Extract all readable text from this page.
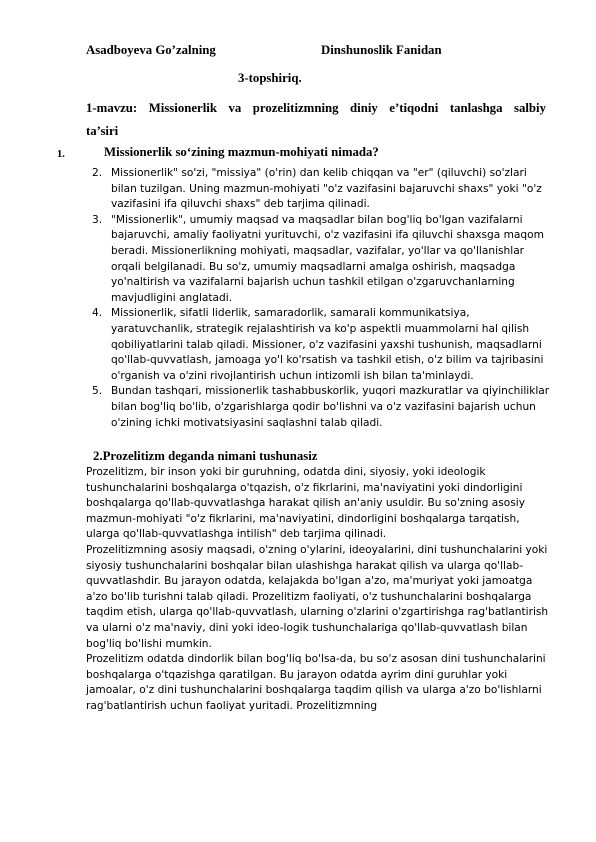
Asadboyeva Go’zalning	Dinshunoslik Fanidan
3-topshiriq.
1-mavzu: Missionerlik va prozelitizmning diniy e’tiqodni tanlashga salbiy
ta’siri
1.	Missionerlik so‘zining mazmun-mohiyati nimada?
2. Missionerlik" so'zi, "missiya" (o'rin) dan kelib chiqqan va "er" (qiluvchi) so'zlari bilan tuzilgan. Uning mazmun-mohiyati "o'z vazifasini bajaruvchi shaxs" yoki "o'z vazifasini ifa qiluvchi shaxs" deb tarjima qilinadi.
3. "Missionerlik", umumiy maqsad va maqsadlar bilan bog'liq bo'lgan vazifalarni bajaruvchi, amaliy faoliyatni yurituvchi, o'z vazifasini ifa qiluvchi shaxsga maqom beradi. Missionerlikning mohiyati, maqsadlar, vazifalar, yo'llar va qo'llanishlar orqali belgilanadi. Bu so'z, umumiy maqsadlarni amalga oshirish, maqsadga yo'naltirish va vazifalarni bajarish uchun tashkil etilgan o'zgaruvchanlarning mavjudligini anglatadi.
4. Missionerlik, sifatli liderlik, samaradorlik, samarali kommunikatsiya, yaratuvchanlik, strategik rejalashtirish va ko'p aspektli muammolarni hal qilish qobiliyatlarini talab qiladi. Missioner, o'z vazifasini yaxshi tushunish, maqsadlarni qo'llab-quvvatlash, jamoaga yo'l ko'rsatish va tashkil etish, o'z bilim va tajribasini o'rganish va o'zini rivojlantirish uchun intizomli ish bilan ta'minlaydi.
5. Bundan tashqari, missionerlik tashabbuskorlik, yuqori mazkuratlar va qiyinchiliklar bilan bog'liq bo'lib, o'zgarishlarga qodir bo'lishni va o'z vazifasini bajarish uchun o'zining ichki motivatsiyasini saqlashni talab qiladi.
2.Prozelitizm deganda nimani tushunasiz

Prozelitizm, bir inson yoki bir guruhning, odatda dini, siyosiy, yoki ideologik tushunchalarini boshqalarga o'tqazish, o'z fikrlarini, ma'naviyatini yoki dindorligini boshqalarga qo'llab-quvvatlashga harakat qilish an'aniy usuldir. Bu so'zning asosiy mazmun-mohiyati "o'z fikrlarini, ma'naviyatini, dindorligini boshqalarga tarqatish, ularga qo'llab-quvvatlashga intilish" deb tarjima qilinadi.

Prozelitizmning asosiy maqsadi, o'zning o'ylarini, ideoyalarini, dini tushunchalarini yoki siyosiy tushunchalarini boshqalar bilan ulashishga harakat qilish va ularga qo'llab-quvvatlashdir. Bu jarayon odatda, kelajakda bo'lgan a'zo, ma'muriyat yoki jamoatga a'zo bo'lib turishni talab qiladi. Prozelitizm faoliyati, o'z tushunchalarini boshqalarga taqdim etish, ularga qo'llab-quvvatlash, ularning o'zlarini o'zgartirishga rag'batlantirish va ularni o'z ma'naviy, dini yoki ideo-logik tushunchalariga qo'llab-quvvatlash bilan bog'liq bo'lishi mumkin.

Prozelitizm odatda dindorlik bilan bog'liq bo'lsa-da, bu so'z asosan dini tushunchalarini boshqalarga o'tqazishga qaratilgan. Bu jarayon odatda ayrim dini guruhlar yoki jamoalar, o'z dini tushunchalarini boshqalarga taqdim qilish va ularga a'zo bo'lishlarni rag'batlantirish uchun faoliyat yuritadi. Prozelitizmning
